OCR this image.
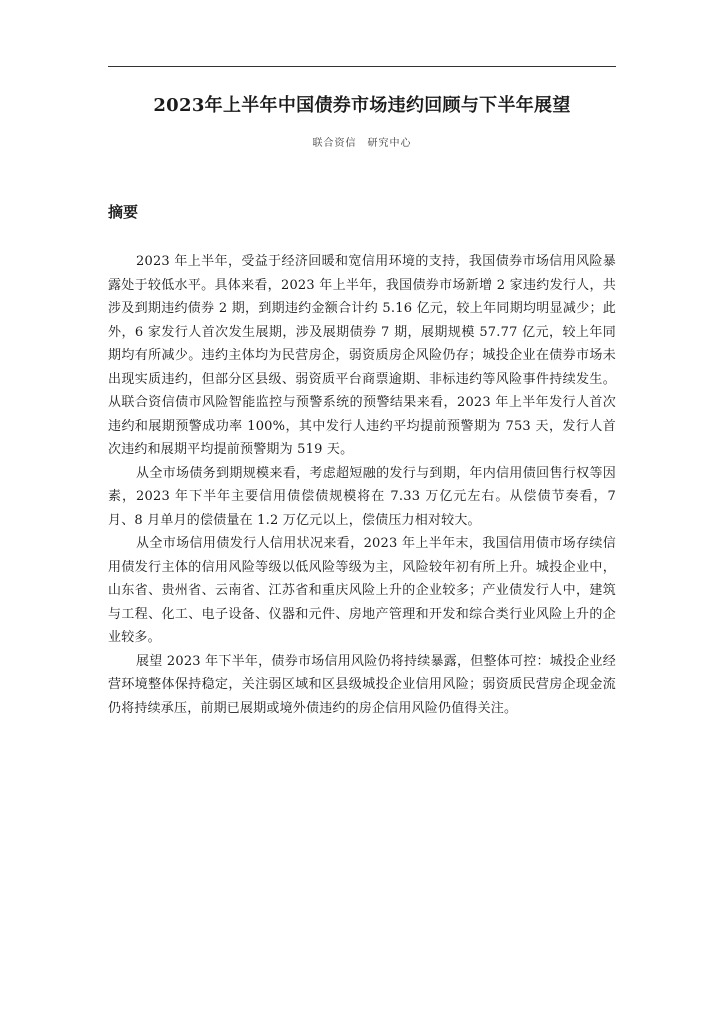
2023年上半年中国债券市场违约回顾与下半年展望
联合资信　研究中心
摘要

2023 年上半年，受益于经济回暖和宽信用环境的支持，我国债券市场信用风险暴露处于较低水平。具体来看，2023 年上半年，我国债券市场新增 2 家违约发行人，共涉及到期违约债券 2 期，到期违约金额合计约 5.16 亿元，较上年同期均明显减少；此外，6 家发行人首次发生展期，涉及展期债券 7 期，展期规模 57.77 亿元，较上年同期均有所减少。违约主体均为民营房企，弱资质房企风险仍存；城投企业在债券市场未出现实质违约，但部分区县级、弱资质平台商票逾期、非标违约等风险事件持续发生。从联合资信债市风险智能监控与预警系统的预警结果来看，2023 年上半年发行人首次违约和展期预警成功率 100%，其中发行人违约平均提前预警期为 753 天，发行人首次违约和展期平均提前预警期为 519 天。

从全市场债务到期规模来看，考虑超短融的发行与到期，年内信用债回售行权等因素，2023 年下半年主要信用债偿债规模将在 7.33 万亿元左右。从偿债节奏看，7 月、8 月单月的偿债量在 1.2 万亿元以上，偿债压力相对较大。

从全市场信用债发行人信用状况来看，2023 年上半年末，我国信用债市场存续信用债发行主体的信用风险等级以低风险等级为主，风险较年初有所上升。城投企业中，山东省、贵州省、云南省、江苏省和重庆风险上升的企业较多；产业债发行人中，建筑与工程、化工、电子设备、仪器和元件、房地产管理和开发和综合类行业风险上升的企业较多。

展望 2023 年下半年，债券市场信用风险仍将持续暴露，但整体可控：城投企业经营环境整体保持稳定，关注弱区域和区县级城投企业信用风险；弱资质民营房企现金流仍将持续承压，前期已展期或境外债违约的房企信用风险仍值得关注。
